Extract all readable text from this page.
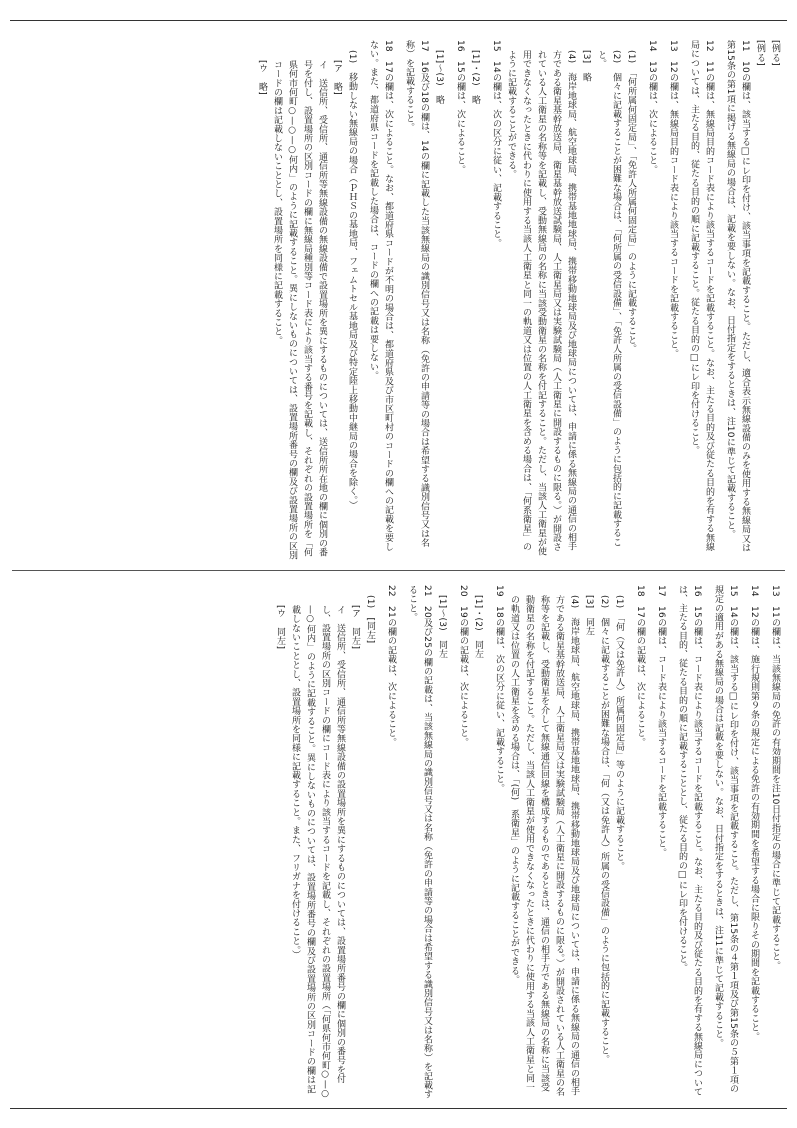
[例る]

[例る]

11　10の欄は、該当する□にレ印を付け、該当事項を記載すること。ただし、適合表示無線設備のみを使用する無線局又は第15条の第1項に掲げる無線局の場合は、記載を要しない。なお、日付指定をするときは、注10に準じて記載すること。

12　11の欄は、無線局目的コード表により該当するコードを記載すること。なお、主たる目的及び従たる目的を有する無線局については、主たる目的、従たる目的の順に記載すること。従たる目的の□にレ印を付けること。

13　12の欄は、無線局目的コード表により該当するコードを記載すること。

14　13の欄は、次によること。

(1)　「何所属何固定局」、「免許人所属何固定局」のように記載すること。

(2)　個々に記載することが困難な場合は、「何所属の受信設備」、「免許人所属の受信設備」のように包括的に記載すること。

[3]　略

(4)　海岸地球局、航空地球局、携帯基地地球局、携帯移動地球局及び地球局については、申請に係る無線局の通信の相手方である衛星基幹放送局、衛星基幹放送試験局、人工衛星局又は実験試験局（人工衛星に開設するものに限る。）が開設されている人工衛星の名称等を記載し、受動無線局の名称に当該受動衛星の名称を付記すること。ただし、当該人工衛星が使用できなくなったときに代わりに使用する当該人工衛星と同一の軌道又は位置の人工衛星を含める場合は、「何系衛星」のように記載することができる。

15　14の欄は、次の区分に従い、記載すること。

[1]・(2)　略

16　15の欄は、次によること。

[1]〜(3)　略

17　16及び18の欄は、14の欄に記載した当該無線局の識別信号又は名称（免許の申請等の場合は希望する識別信号又は名称）を記載すること。

18　17の欄は、次によること。なお、都道府県コードが不明の場合は、都道府県及び市区町村のコードの欄への記載を要しない。また、都道府県コードを記載した場合は、コードの欄への記載は要しない。

(1)　移動しない無線局の場合（ＰＨＳの基地局、フェムトセル基地局及び特定陸上移動中継局の場合を除く。）

[ア　略]

イ　送信所、受信所、通信所等無線設備の無線設備で設置場所を異にするものについては、送信所所在地の欄に個別の番号を付し、設置場所の区別コードの欄に無線局種別等コード表により該当する番号を記載し、それぞれの設置場所を「何県何市何町○—○—○何内」のように記載すること。異にしないものについては、設置場所番号の欄及び設置場所の区別コードの欄は記載しないこととし、設置場所を同様に記載すること。

[ウ　略]

13　11の欄は、当該無線局の免許の有効期間を注10日付指定の場合に準じて記載すること。

14　12の欄は、施行規則第９条の規定による免許の有効期間を希望する場合に限りその期間を記載すること。

15　14の欄は、該当する□にレ印を付け、該当事項を記載すること。ただし、第15条の４第１項及び第15条の５第１項の規定の適用がある無線局の場合は記載を要しない。なお、日付指定をするときは、注11に準じて記載すること。

16　15の欄は、コード表により該当するコードを記載すること。なお、主たる目的及び従たる目的を有する無線局については、主たる目的、従たる目的の順に記載することとし、従たる目的の□にレ印を付けること。

17　16の欄は、コード表により該当するコードを記載すること。

18　17の欄の記載は、次によること。

(1)　「何（又は免許人）所属何固定局」等のように記載すること。

(2)　個々に記載することが困難な場合は、「何（又は免許人）所属の受信設備」のように包括的に記載すること。

[3]　同左

(4)　海岸地球局、航空地球局、携帯基地地球局、携帯移動地球局及び地球局については、申請に係る無線局の通信の相手方である衛星基幹放送局、人工衛星局又は実験試験局（人工衛星に開設するものに限る。）が開設されている人工衛星の名称等を記載し、受動衛星を介して無線通信回線を構成するものであるときは、通信の相手方である無線局の名称に当該受動衛星の名称を付記すること。ただし、当該人工衛星が使用できなくなったときに代わりに使用する当該人工衛星と同一の軌道又は位置の人工衛星を含める場合は、「(何)　系衛星」のように記載することができる。

19　18の欄は、次の区分に従い、記載すること。

[1]・(2)　同左

20　19の欄の記載は、次によること。

[1]〜(3)　同左

21　20及び25の欄の記載は、当該無線局の識別信号又は名称（免許の申請等の場合は希望する識別信号又は名称）を記載すること。

22　21の欄の記載は、次によること。

(1)　[同左]

[ア　同左]

イ　送信所、受信所、通信所等無線設備の設置場所を異にするものについては、設置場所番号の欄に個別の番号を付し、設置場所の区別コードの欄にコード表により該当するコードを記載し、それぞれの設置場所（「何県何市何町○—○—○何内」のように記載すること。異にしないものについては、設置場所番号の欄及び設置場所の区別コードの欄は記載しないこととし、設置場所を同様に記載すること。また、フリガナを付けること。）

[ウ　同左]
